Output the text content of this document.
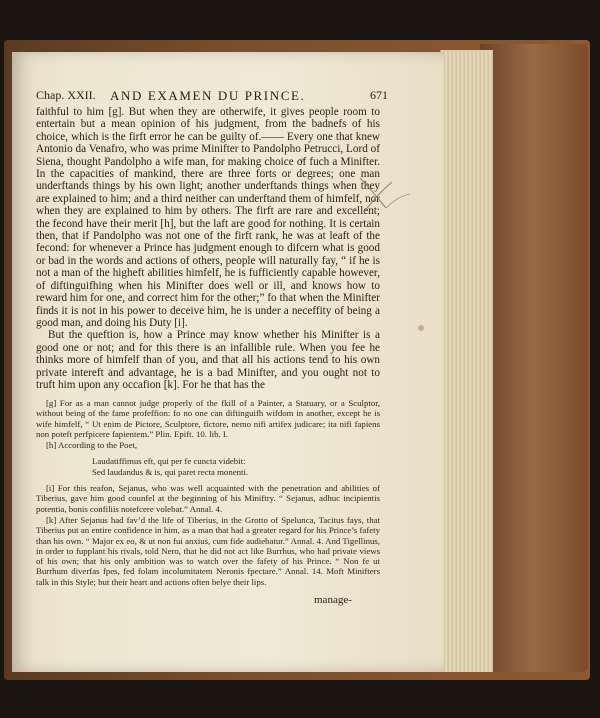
Chap. XXII. AND EXAMEN DU PRINCE.	671

faithful to him [g]. But when they are otherwife, it gives people room to entertain but a mean opinion of his judgment, from the badnefs of his choice, which is the firft error he can be guilty of.—— Every one that knew Antonio da Venafro, who was prime Minifter to Pandolpho Petrucci, Lord of Siena, thought Pandolpho a wife man, for making choice of fuch a Minifter. In the capacities of mankind, there are three forts or degrees; one man underftands things by his own light; another underftands things when they are explained to him; and a third neither can underftand them of himfelf, nor when they are explained to him by others. The firft are rare and excellent; the fecond have their merit [h], but the laft are good for nothing. It is certain then, that if Pandolpho was not one of the firft rank, he was at leaft of the fecond: for whenever a Prince has judgment enough to difcern what is good or bad in the words and actions of others, people will naturally fay, “ if he is not a man of the higheft abilities himfelf, he is fufficiently capable however, of diftinguifhing when his Minifter does well or ill, and knows how to reward him for one, and correct him for the other;” fo that when the Minifter finds it is not in his power to deceive him, he is under a neceffity of being a good man, and doing his Duty [i].

But the queftion is, how a Prince may know whether his Minifter is a good one or not; and for this there is an infallible rule. When you fee he thinks more of himfelf than of you, and that all his actions tend to his own private intereft and advantage, he is a bad Minifter, and you ought not to truft him upon any occafion [k]. For he that has the

[g] For as a man cannot judge properly of the fkill of a Painter, a Statuary, or a Sculptor, without being of the fame profeffion: fo no one can diftinguifh wifdom in another, except he is wife himfelf, “ Ut enim de Pictore, Sculptore, fictore, nemo nifi artifex judicare; ita nifi fapiens non poteft perfpicere fapientem.” Plin. Epift. 10. lib. I.

[h] According to the Poet,

Laudatiffimus eft, qui per fe cuncta videbit:
Sed laudandus & is, qui paret recta monenti.

[i] For this reafon, Sejanus, who was well acquainted with the penetration and abilities of Tiberius, gave him good counfel at the beginning of his Miniftry. “ Sejanus, adhuc incipientis potentia, bonis confiliis notefcere volebat.” Annal. 4.

[k] After Sejanus had fav’d the life of Tiberius, in the Grotto of Spelunca, Tacitus fays, that Tiberius put an entire confidence in him, as a man that had a greater regard for his Prince’s fafety than his own. “ Major ex eo, & ut non fui anxius, cum fide audiebatur.” Annal. 4. And Tigellinus, in order to fupplant his rivals, told Nero, that he did not act like Burrhus, who had private views of his own; that his only ambition was to watch over the fafety of his Prince. “ Non fe ut Burrhum diverfas fpes, fed folam incolumitatem Neronis fpectare.” Annal. 14. Moft Minifters talk in this Style; but their heart and actions often belye their lips.

manage-
